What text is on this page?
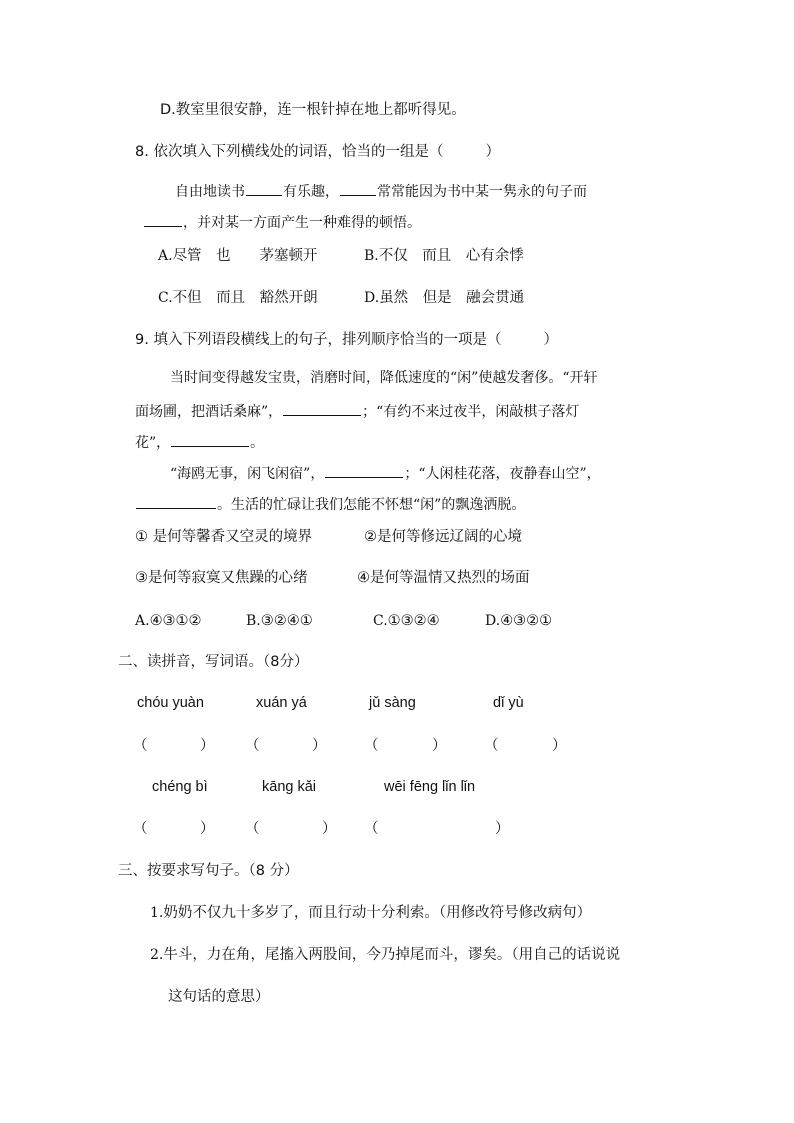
D.教室里很安静，连一根针掉在地上都听得见。
8. 依次填入下列横线处的词语，恰当的一组是（	）
自由地读书	有乐趣，	常常能因为书中某一隽永的句子而
，并对某一方面产生一种难得的顿悟。
A.尽管　也　　茅塞顿开	B.不仅　而且　心有余悸
C.不但　而且　豁然开朗	D.虽然　但是　融会贯通
9. 填入下列语段横线上的句子，排列顺序恰当的一项是（	）
当时间变得越发宝贵，消磨时间，降低速度的“闲”使越发奢侈。“开轩
面场圃，把酒话桑麻”，	；“有约不来过夜半，闲敲棋子落灯
花”，	。
“海鸥无事，闲飞闲宿”，	；“人闲桂花落，夜静春山空”，
。生活的忙碌让我们怎能不怀想“闲”的飘逸洒脱。
① 是何等馨香又空灵的境界	②是何等修远辽阔的心境
③是何等寂寞又焦躁的心绪	④是何等温情又热烈的场面
A.④③①②	B.③②④①	C.①③②④	D.④③②①
二、读拼音，写词语。（8分）
chóu yuàn	xuán yá	jǔ sàng	dǐ yù
（	） （	）	（	）	（	）
chéng bì	kāng kǎi	wēi fēng lǐn lǐn
（	） （	） （	）
三、按要求写句子。（8 分）
1.奶奶不仅九十多岁了，而且行动十分利索。（用修改符号修改病句）
2.牛斗，力在角，尾搐入两股间，今乃掉尾而斗，谬矣。（用自己的话说说
这句话的意思）
